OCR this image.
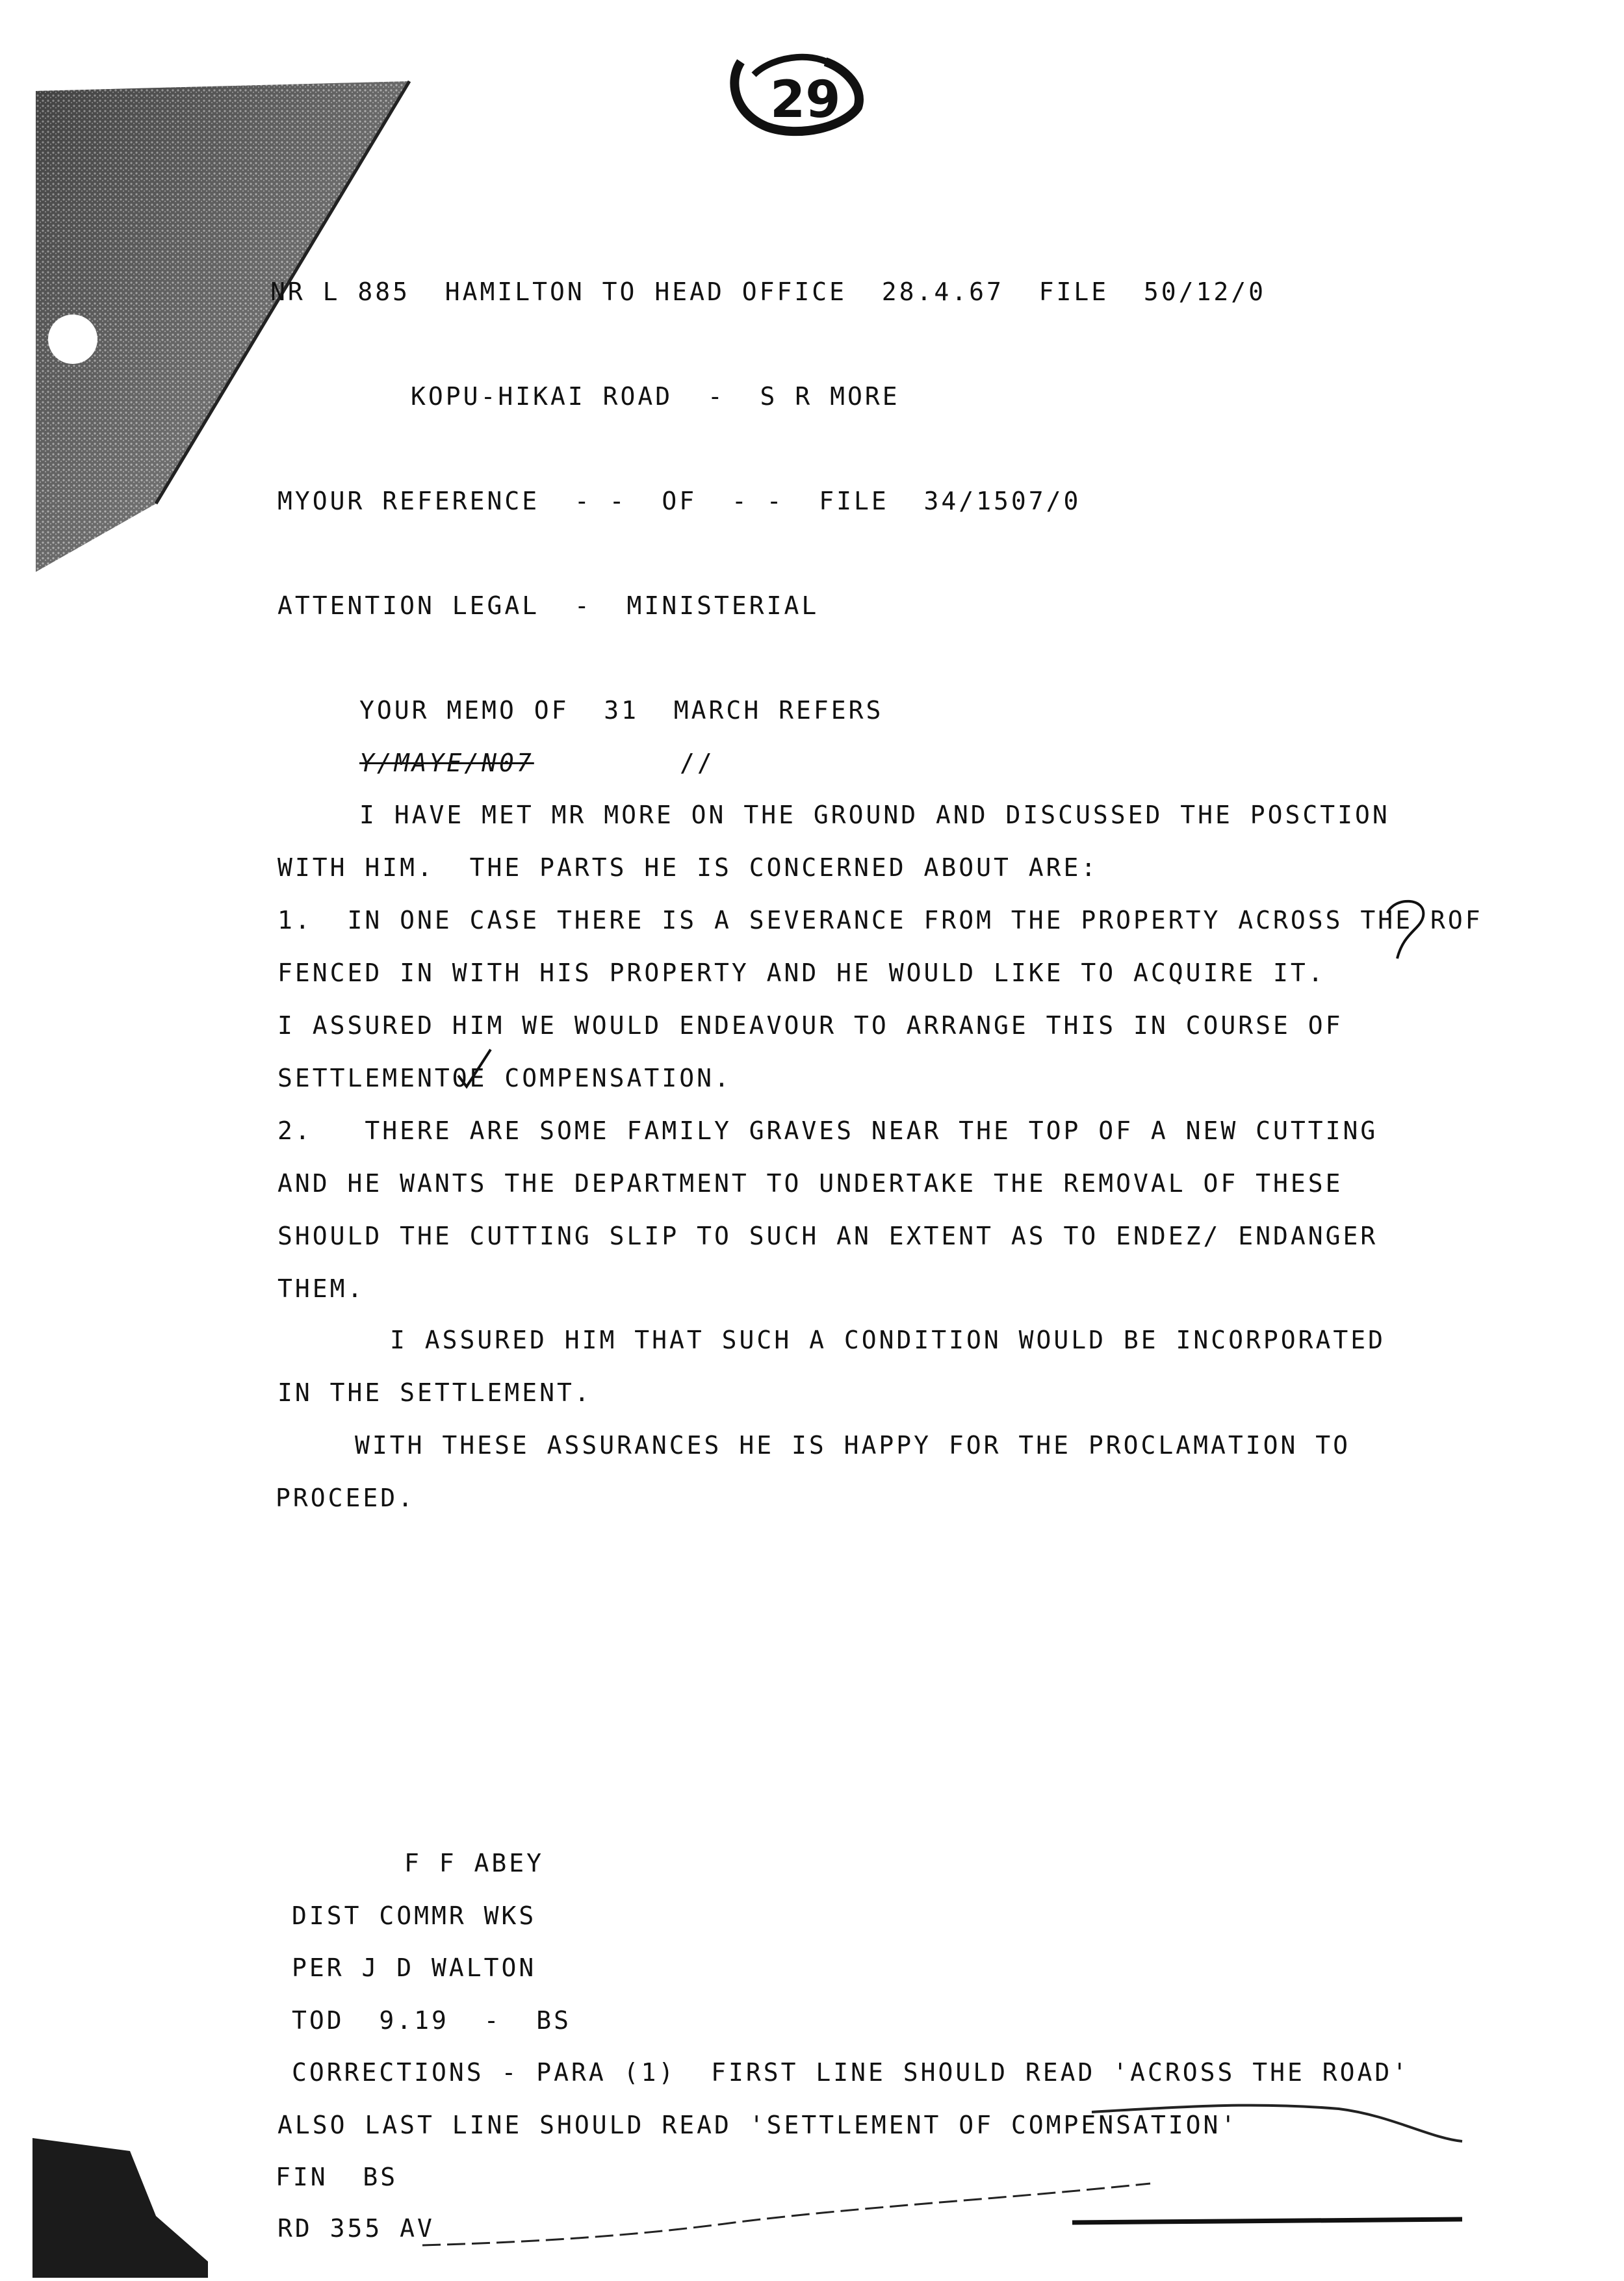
29
NR L 885  HAMILTON TO HEAD OFFICE  28.4.67  FILE  50/12/0
KOPU-HIKAI ROAD  -  S R MORE
MYOUR REFERENCE  - -  OF  - -  FILE  34/1507/0
ATTENTION LEGAL  -  MINISTERIAL
YOUR MEMO OF  31  MARCH REFERS
Y/MAYE/N07	//
I HAVE MET MR MORE ON THE GROUND AND DISCUSSED THE POSCTION
WITH HIM.  THE PARTS HE IS CONCERNED ABOUT ARE:
1.  IN ONE CASE THERE IS A SEVERANCE FROM THE PROPERTY ACROSS THE ROF
FENCED IN WITH HIS PROPERTY AND HE WOULD LIKE TO ACQUIRE IT.
I ASSURED HIM WE WOULD ENDEAVOUR TO ARRANGE THIS IN COURSE OF
SETTLEMENTOE COMPENSATION.
2.   THERE ARE SOME FAMILY GRAVES NEAR THE TOP OF A NEW CUTTING
AND HE WANTS THE DEPARTMENT TO UNDERTAKE THE REMOVAL OF THESE
SHOULD THE CUTTING SLIP TO SUCH AN EXTENT AS TO ENDEZ/ ENDANGER
THEM.
I ASSURED HIM THAT SUCH A CONDITION WOULD BE INCORPORATED
IN THE SETTLEMENT.
WITH THESE ASSURANCES HE IS HAPPY FOR THE PROCLAMATION TO
PROCEED.
F F ABEY
DIST COMMR WKS
PER J D WALTON
TOD  9.19  -  BS
CORRECTIONS - PARA (1)  FIRST LINE SHOULD READ 'ACROSS THE ROAD'
ALSO LAST LINE SHOULD READ 'SETTLEMENT OF COMPENSATION'
FIN  BS
RD 355 AV
